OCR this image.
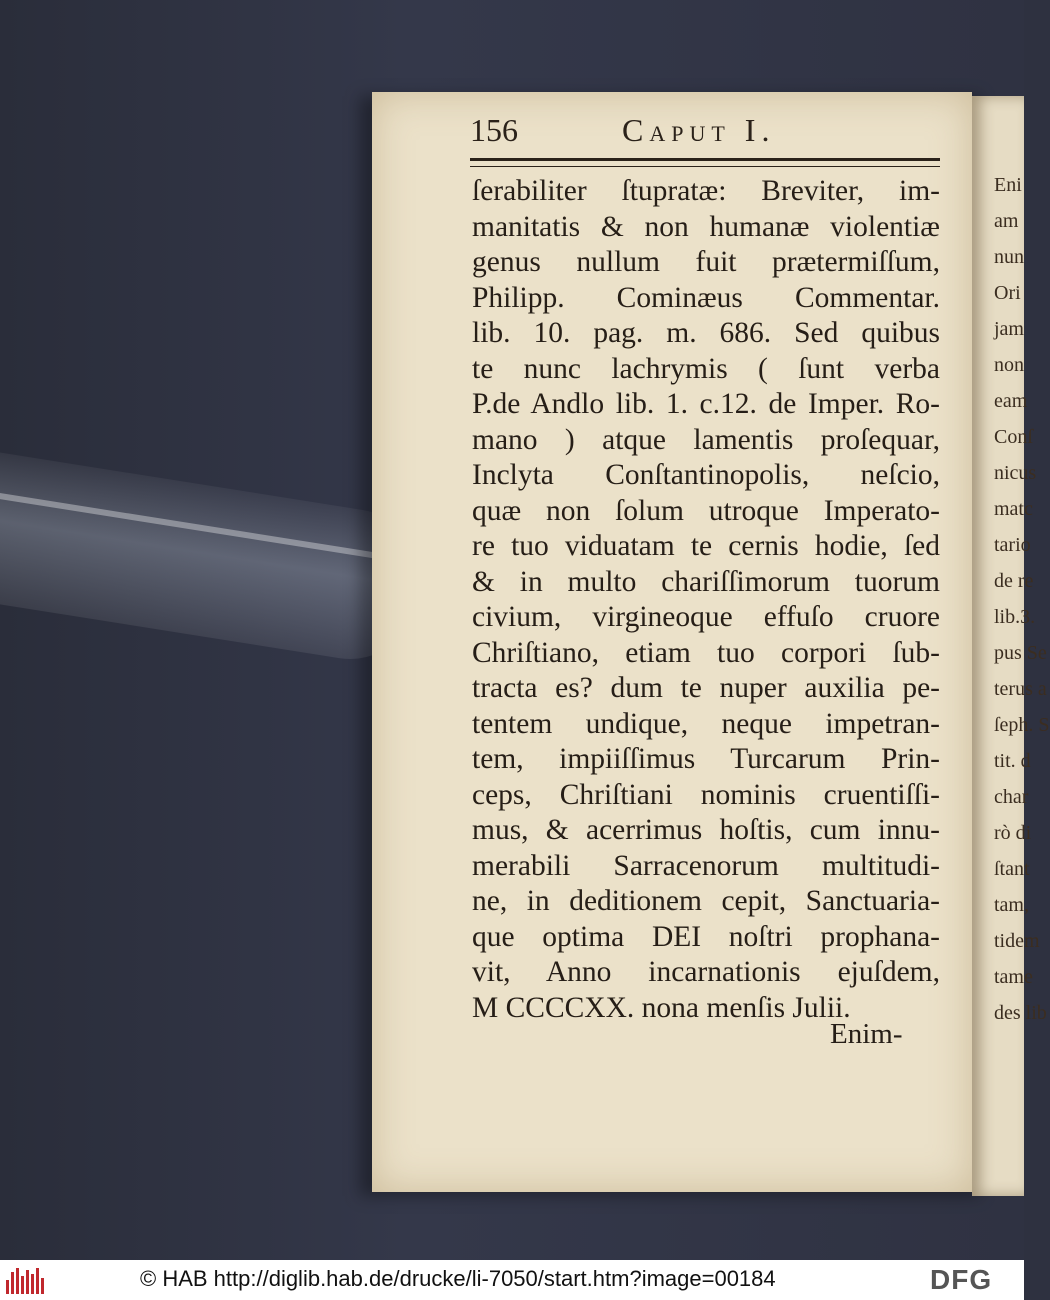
Eni
am
nun
Ori
jam
non
eam
Conſ
nicus
matc
tario
de re
lib.3.
pus Se
terus a
ſeph. S
tit. d
char
rò di
ſtant
tam,
tidem
tame
des lib
156	Caput I.
ſerabiliter ſtupratæ: Breviter, im-
manitatis & non humanæ violentiæ
genus nullum fuit prætermiſſum,
Philipp. Cominæus Commentar.
lib. 10. pag. m. 686. Sed quibus
te nunc lachrymis ( ſunt verba
P.de Andlo lib. 1. c.12. de Imper. Ro-
mano ) atque lamentis proſequar,
Inclyta Conſtantinopolis, neſcio,
quæ non ſolum utroque Imperato-
re tuo viduatam te cernis hodie, ſed
& in multo chariſſimorum tuorum
civium, virgineoque effuſo cruore
Chriſtiano, etiam tuo corpori ſub-
tracta es? dum te nuper auxilia pe-
tentem undique, neque impetran-
tem, impiiſſimus Turcarum Prin-
ceps, Chriſtiani nominis cruentiſſi-
mus, & acerrimus hoſtis, cum innu-
merabili Sarracenorum multitudi-
ne, in deditionem cepit, Sanctuaria-
que optima DEI noſtri prophana-
vit, Anno incarnationis ejuſdem,
M CCCCXX. nona menſis Julii.
Enim-
© HAB http://diglib.hab.de/drucke/li-7050/start.htm?image=00184	DFG
